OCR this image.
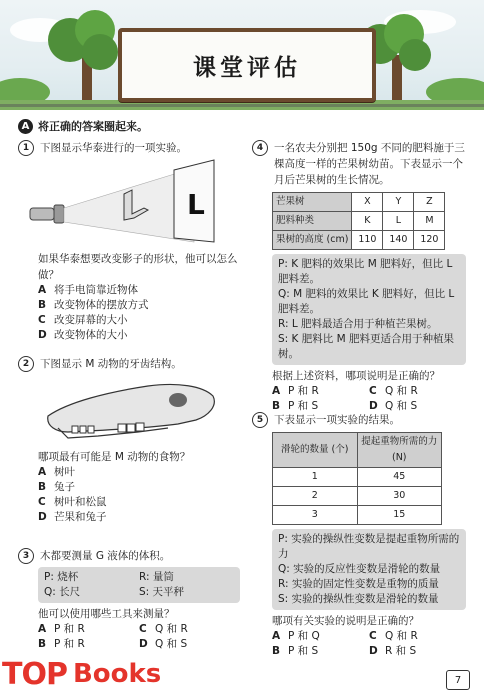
课堂评估
A 将正确的答案圈起来。
1	下图显示华泰进行的一项实验。
L
如果华泰想要改变影子的形状，他可以怎么做？
A 将手电筒靠近物体
B 改变物体的摆放方式
C 改变屏幕的大小
D 改变物体的大小
2	下图显示 M 动物的牙齿结构。
哪项最有可能是 M 动物的食物？
A 树叶
B 兔子
C 树叶和松鼠
D 芒果和兔子
3	木都要测量 G 液体的体积。
P: 烧杯	R: 量筒
Q: 长尺	S: 天平秤
他可以使用哪些工具来测量？
A P 和 R	C Q 和 R
B P 和 R	D Q 和 S
4	一名农夫分别把 150g 不同的肥料施于三棵高度一样的芒果树幼苗。下表显示一个月后芒果树的生长情况。
芒果树	X	Y	Z
肥料种类	K	L	M
果树的高度 (cm)	110	140	120
P: K 肥料的效果比 M 肥料好，但比 L 肥料差。
Q: M 肥料的效果比 K 肥料好，但比 L 肥料差。
R: L 肥料最适合用于种植芒果树。
S: K 肥料比 M 肥料更适合用于种植果树。
根据上述资料，哪项说明是正确的？
A P 和 R	C Q 和 R
B P 和 S	D Q 和 S
5	下表显示一项实验的结果。
滑轮的数量 (个)	提起重物所需的力 (N)
1	45
2	30
3	15
P: 实验的操纵性变数是提起重物所需的力
Q: 实验的反应性变数是滑轮的数量
R: 实验的固定性变数是重物的质量
S: 实验的操纵性变数是滑轮的数量
哪项有关实验的说明是正确的？
A P 和 Q	C Q 和 R
B P 和 S	D R 和 S
TOP Books	7
